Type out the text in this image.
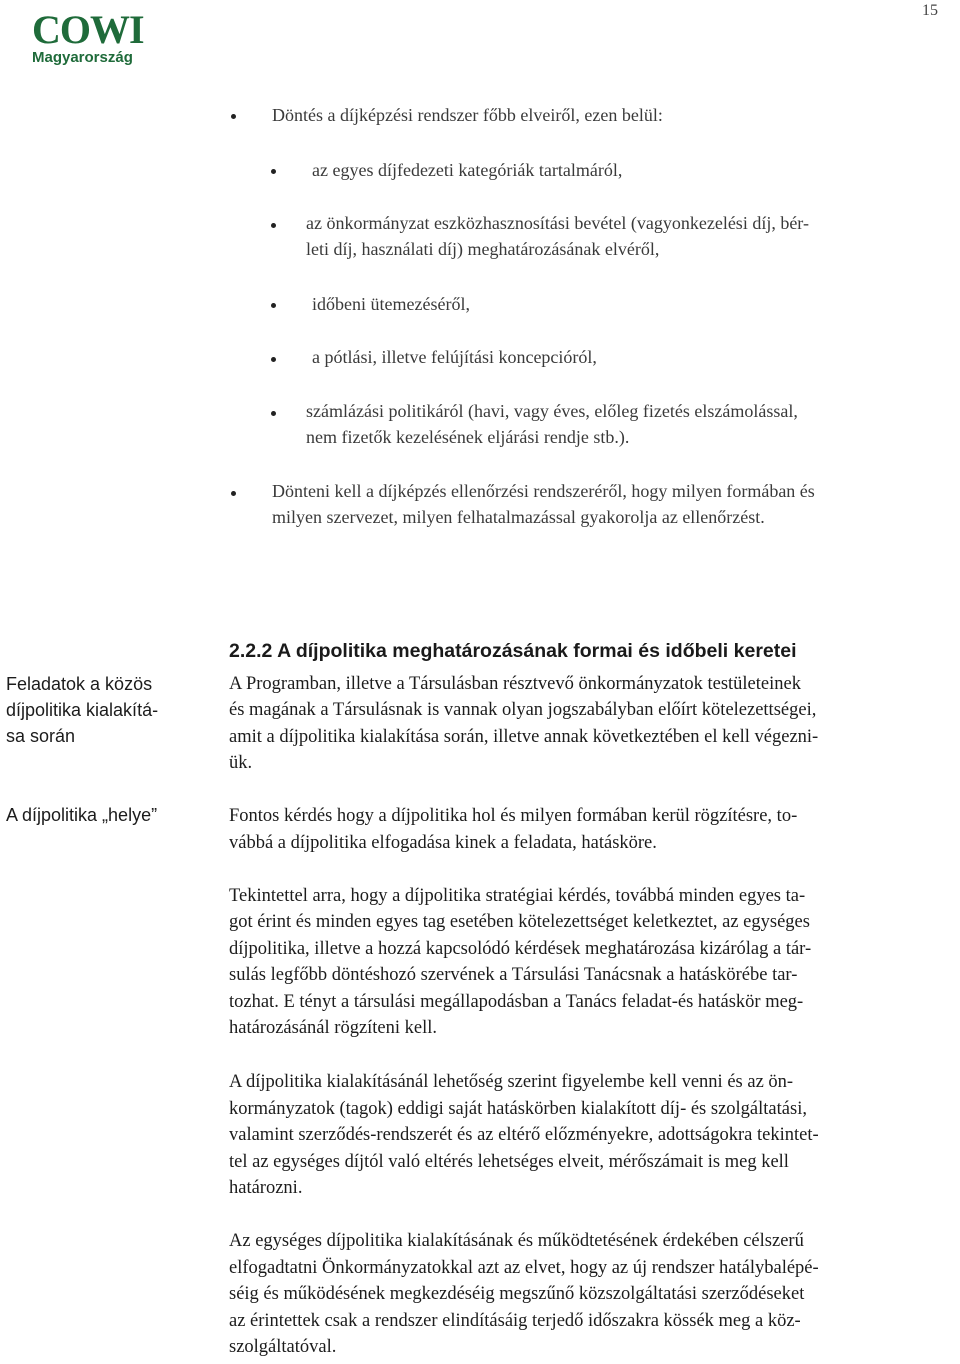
COWI
Magyarország
15
Döntés a díjképzési rendszer főbb elveiről, ezen belül:
az egyes díjfedezeti kategóriák tartalmáról,
az önkormányzat eszközhasznosítási bevétel (vagyonkezelési díj, bér-
leti díj, használati díj) meghatározásának elvéről,
időbeni ütemezéséről,
a pótlási, illetve felújítási koncepcióról,
számlázási politikáról (havi, vagy éves, előleg fizetés elszámolással,
nem fizetők kezelésének eljárási rendje stb.).
Dönteni kell a díjképzés ellenőrzési rendszeréről, hogy milyen formában és
milyen szervezet, milyen felhatalmazással gyakorolja az ellenőrzést.
2.2.2 A díjpolitika meghatározásának formai és időbeli keretei
Feladatok a közös
díjpolitika kialakítá-
sa során
A díjpolitika „helye”
A Programban, illetve a Társulásban résztvevő önkormányzatok testületeinek
és magának a Társulásnak is vannak olyan jogszabályban előírt kötelezettségei,
amit a díjpolitika kialakítása során, illetve annak következtében el kell végezni-
ük.
Fontos kérdés hogy a díjpolitika hol és milyen formában kerül rögzítésre, to-
vábbá a díjpolitika elfogadása kinek a feladata, hatásköre.
Tekintettel arra, hogy a díjpolitika stratégiai kérdés, továbbá minden egyes ta-
got érint és minden egyes tag esetében kötelezettséget keletkeztet, az egységes
díjpolitika, illetve a hozzá kapcsolódó kérdések meghatározása kizárólag a tár-
sulás legfőbb döntéshozó szervének a Társulási Tanácsnak a hatáskörébe tar-
tozhat. E tényt a társulási megállapodásban a Tanács feladat-és hatáskör meg-
határozásánál rögzíteni kell.
A díjpolitika kialakításánál lehetőség szerint figyelembe kell venni és az ön-
kormányzatok (tagok) eddigi saját hatáskörben kialakított díj- és szolgáltatási,
valamint szerződés-rendszerét és az eltérő előzményekre, adottságokra tekintet-
tel az egységes díjtól való eltérés lehetséges elveit, mérőszámait is meg kell
határozni.
Az egységes díjpolitika kialakításának és működtetésének érdekében célszerű
elfogadtatni Önkormányzatokkal azt az elvet, hogy az új rendszer hatálybalépé-
séig és működésének megkezdéséig megszűnő közszolgáltatási szerződéseket
az érintettek csak a rendszer elindításáig terjedő időszakra kössék meg a köz-
szolgáltatóval.
